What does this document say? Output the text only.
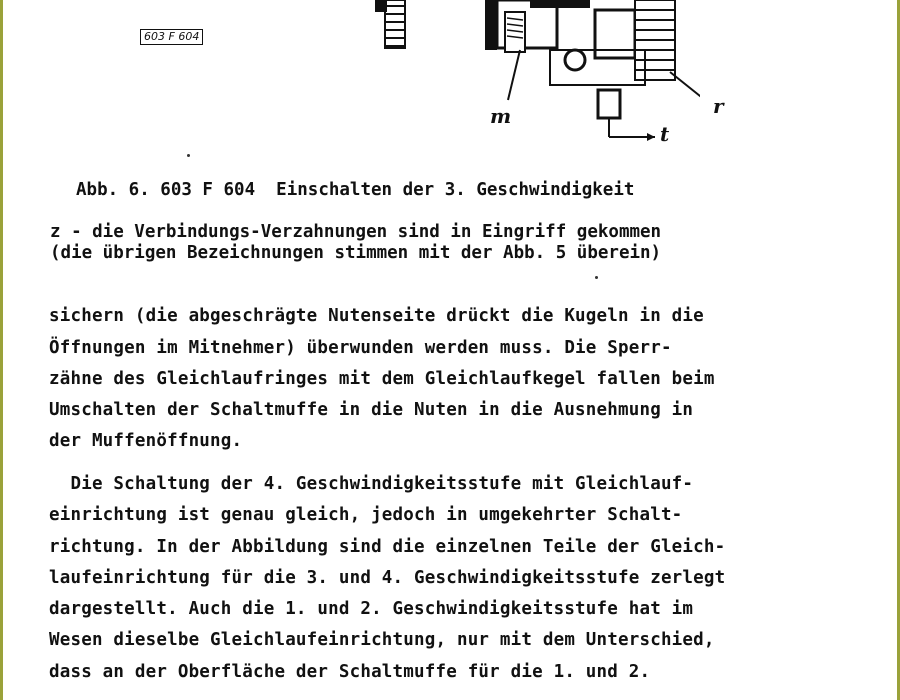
603 F 604
m	r
t
Abb. 6. 603 F 604  Einschalten der 3. Geschwindigkeit
z - die Verbindungs-Verzahnungen sind in Eingriff gekommen
(die übrigen Bezeichnungen stimmen mit der Abb. 5 überein)
sichern (die abgeschrägte Nutenseite drückt die Kugeln in die
Öffnungen im Mitnehmer) überwunden werden muss. Die Sperr-
zähne des Gleichlaufringes mit dem Gleichlaufkegel fallen beim
Umschalten der Schaltmuffe in die Nuten in die Ausnehmung in
der Muffenöffnung.
Die Schaltung der 4. Geschwindigkeitsstufe mit Gleichlauf-
einrichtung ist genau gleich, jedoch in umgekehrter Schalt-
richtung. In der Abbildung sind die einzelnen Teile der Gleich-
laufeinrichtung für die 3. und 4. Geschwindigkeitsstufe zerlegt
dargestellt. Auch die 1. und 2. Geschwindigkeitsstufe hat im
Wesen dieselbe Gleichlaufeinrichtung, nur mit dem Unterschied,
dass an der Oberfläche der Schaltmuffe für die 1. und 2.
